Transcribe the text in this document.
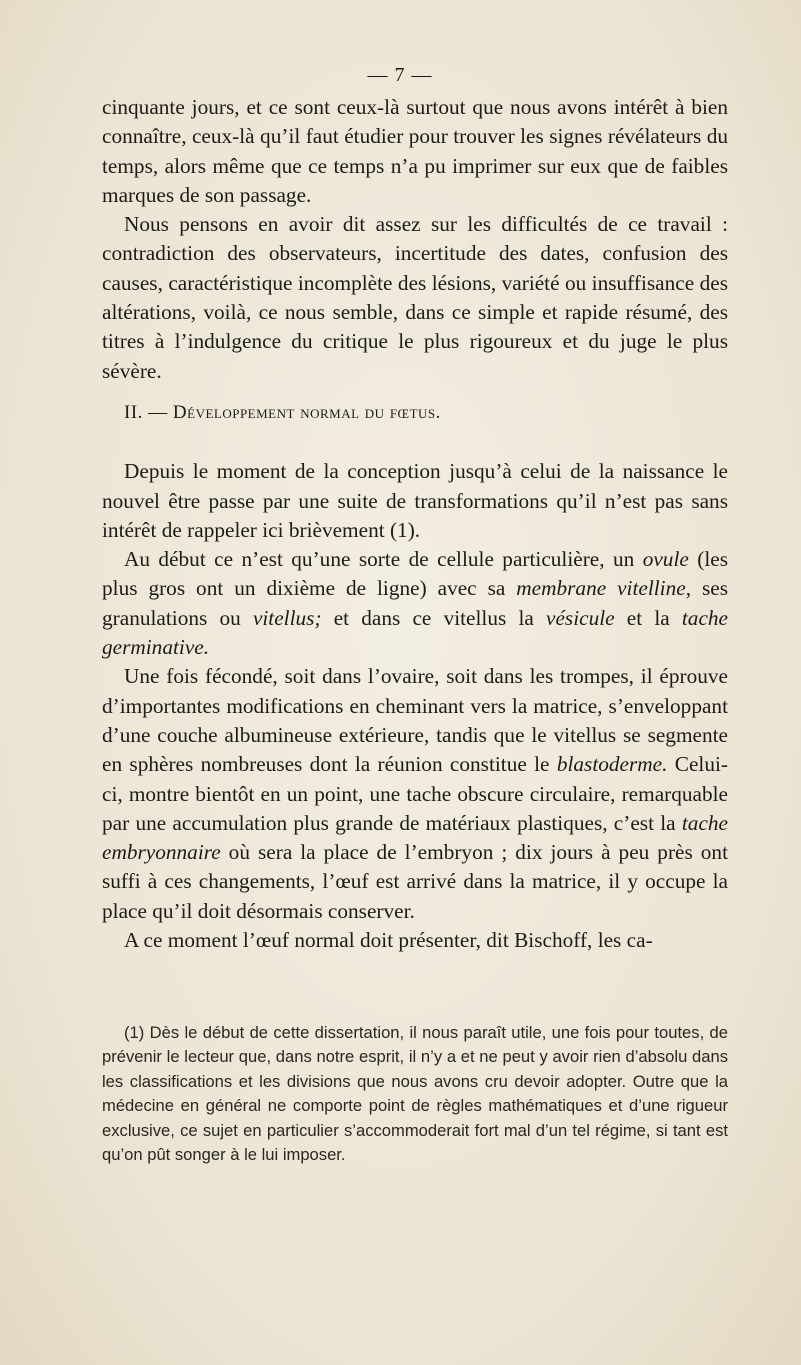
— 7 —

cinquante jours, et ce sont ceux-là surtout que nous avons intérêt à bien connaître, ceux-là qu’il faut étudier pour trouver les signes révélateurs du temps, alors même que ce temps n’a pu imprimer sur eux que de faibles marques de son passage.

Nous pensons en avoir dit assez sur les difficultés de ce travail : contradiction des observateurs, incertitude des dates, confusion des causes, caractéristique incomplète des lésions, variété ou insuffisance des altérations, voilà, ce nous semble, dans ce simple et rapide résumé, des titres à l’indulgence du critique le plus rigoureux et du juge le plus sévère.

II. — Développement normal du fœtus.

Depuis le moment de la conception jusqu’à celui de la naissance le nouvel être passe par une suite de transformations qu’il n’est pas sans intérêt de rappeler ici brièvement (1).

Au début ce n’est qu’une sorte de cellule particulière, un ovule (les plus gros ont un dixième de ligne) avec sa membrane vitelline, ses granulations ou vitellus; et dans ce vitellus la vésicule et la tache germinative.

Une fois fécondé, soit dans l’ovaire, soit dans les trompes, il éprouve d’importantes modifications en cheminant vers la matrice, s’enveloppant d’une couche albumineuse extérieure, tandis que le vitellus se segmente en sphères nombreuses dont la réunion constitue le blastoderme. Celui-ci, montre bientôt en un point, une tache obscure circulaire, remarquable par une accumulation plus grande de matériaux plastiques, c’est la tache embryonnaire où sera la place de l’embryon ; dix jours à peu près ont suffi à ces changements, l’œuf est arrivé dans la matrice, il y occupe la place qu’il doit désormais conserver.

A ce moment l’œuf normal doit présenter, dit Bischoff, les ca-

(1) Dès le début de cette dissertation, il nous paraît utile, une fois pour toutes, de prévenir le lecteur que, dans notre esprit, il n’y a et ne peut y avoir rien d’absolu dans les classifications et les divisions que nous avons cru devoir adopter. Outre que la médecine en général ne comporte point de règles mathématiques et d’une rigueur exclusive, ce sujet en particulier s’accommoderait fort mal d’un tel régime, si tant est qu’on pût songer à le lui imposer.
